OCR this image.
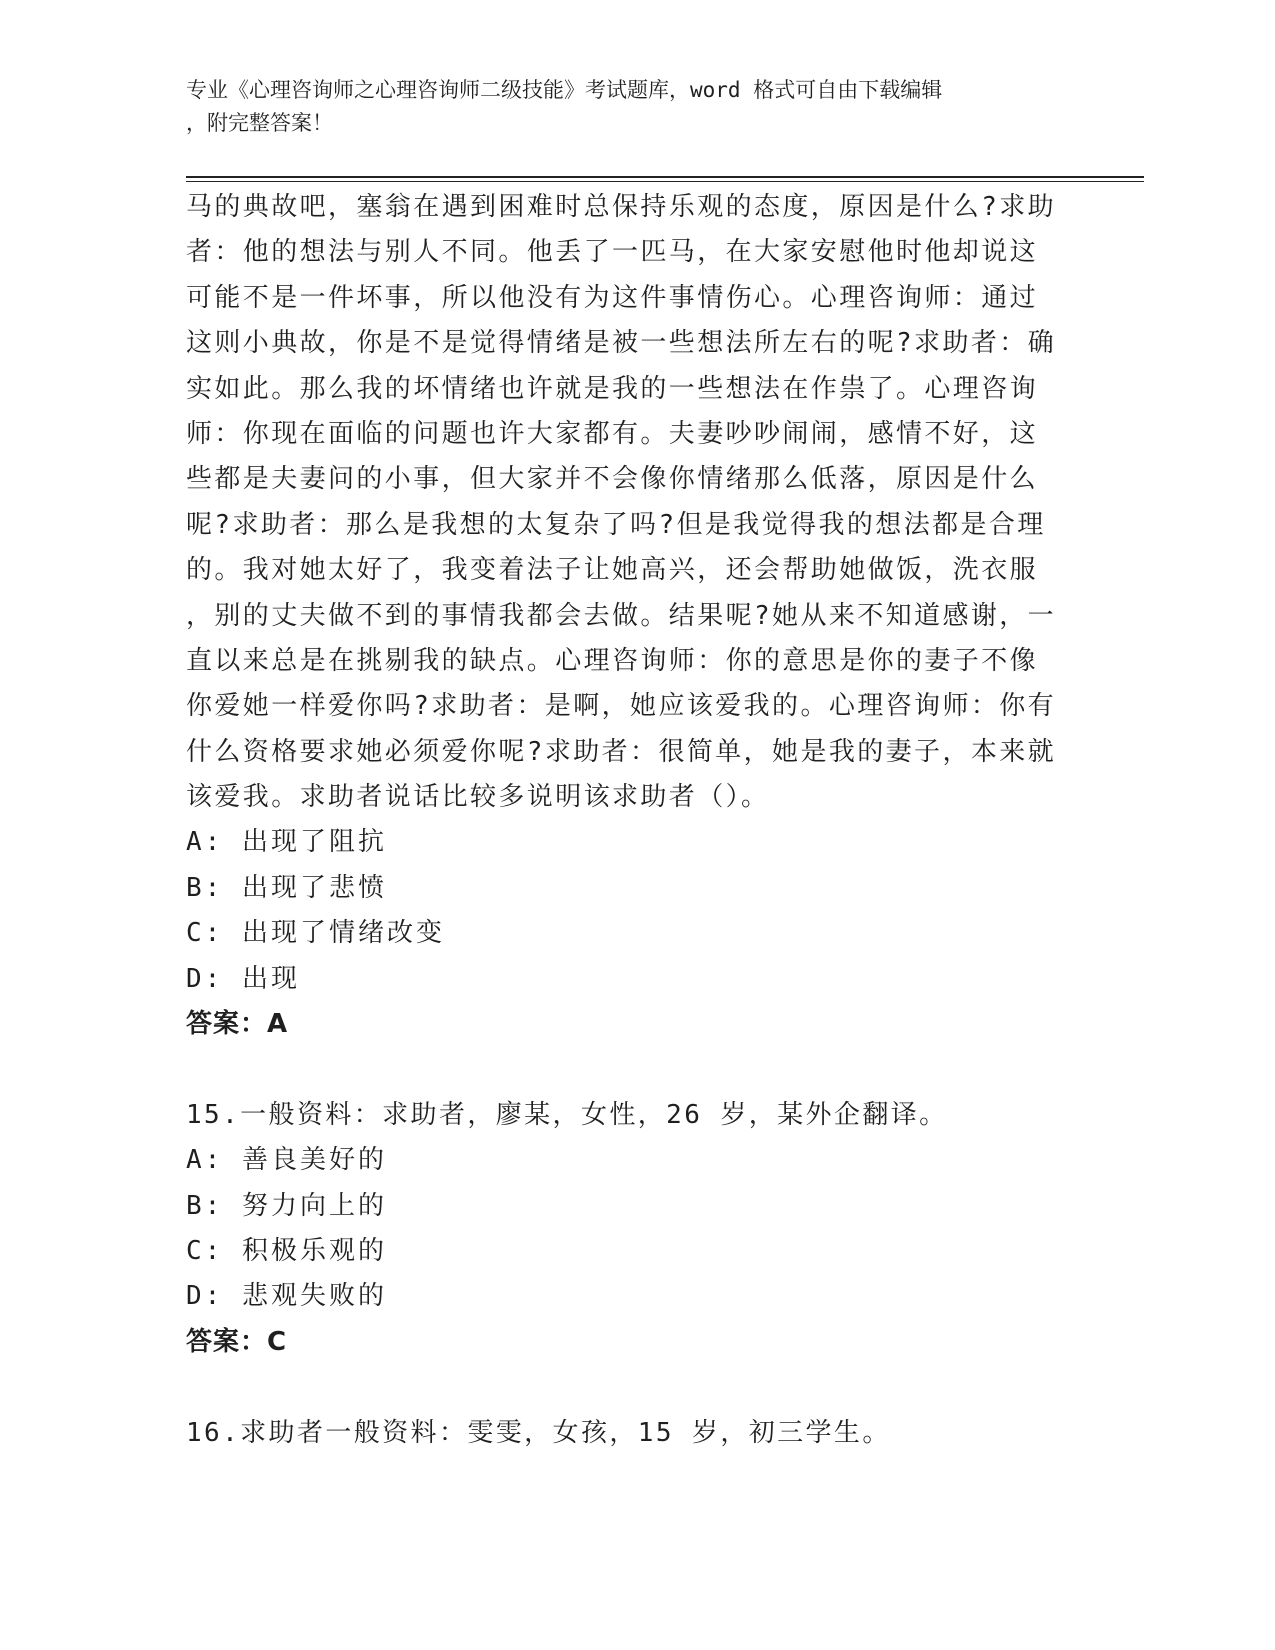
专业《心理咨询师之心理咨询师二级技能》考试题库，word 格式可自由下载编辑
，附完整答案！
马的典故吧，塞翁在遇到困难时总保持乐观的态度，原因是什么?求助
者：他的想法与别人不同。他丢了一匹马，在大家安慰他时他却说这
可能不是一件坏事，所以他没有为这件事情伤心。心理咨询师：通过
这则小典故，你是不是觉得情绪是被一些想法所左右的呢?求助者：确
实如此。那么我的坏情绪也许就是我的一些想法在作祟了。心理咨询
师：你现在面临的问题也许大家都有。夫妻吵吵闹闹，感情不好，这
些都是夫妻问的小事，但大家并不会像你情绪那么低落，原因是什么
呢?求助者：那么是我想的太复杂了吗?但是我觉得我的想法都是合理
的。我对她太好了，我变着法子让她高兴，还会帮助她做饭，洗衣服
，别的丈夫做不到的事情我都会去做。结果呢?她从来不知道感谢，一
直以来总是在挑剔我的缺点。心理咨询师：你的意思是你的妻子不像
你爱她一样爱你吗?求助者：是啊，她应该爱我的。心理咨询师：你有
什么资格要求她必须爱你呢?求助者：很简单，她是我的妻子，本来就
该爱我。求助者说话比较多说明该求助者（）。
A: 出现了阻抗
B: 出现了悲愤
C: 出现了情绪改变
D: 出现
答案：A
15.一般资料：求助者，廖某，女性，26 岁，某外企翻译。
A: 善良美好的
B: 努力向上的
C: 积极乐观的
D: 悲观失败的
答案：C
16.求助者一般资料：雯雯，女孩，15 岁，初三学生。
